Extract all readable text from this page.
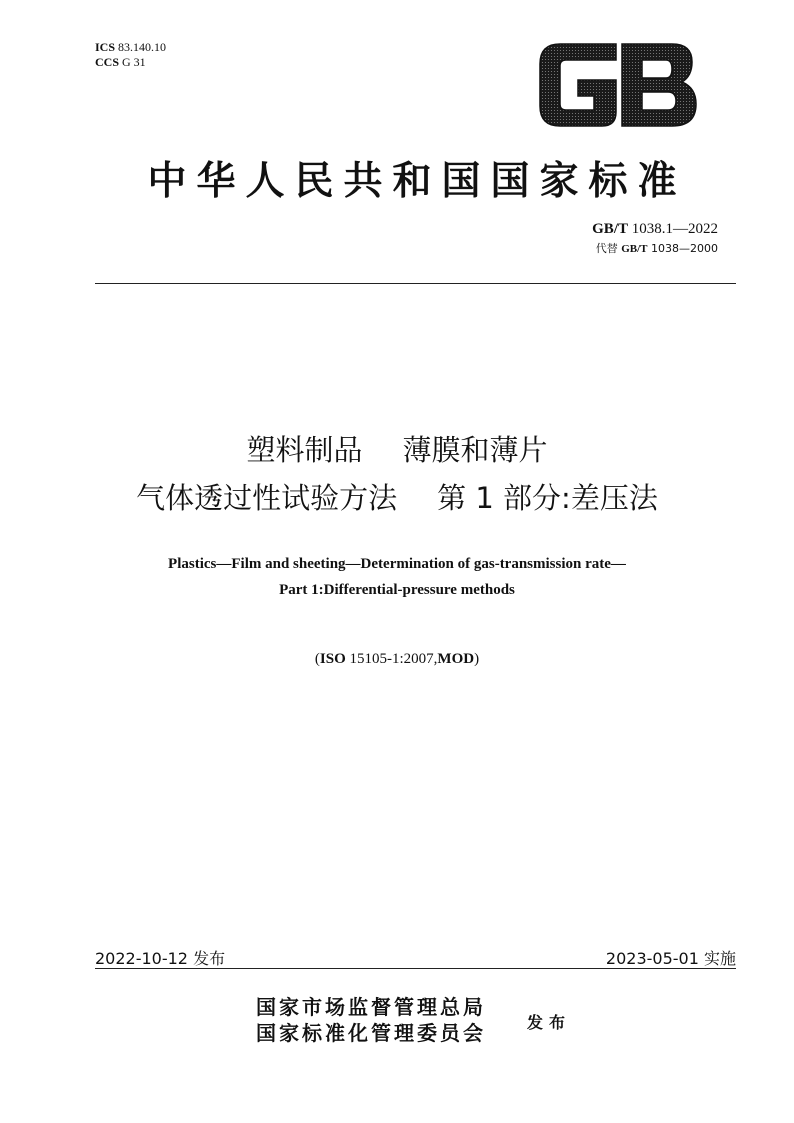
ICS 83.140.10
CCS G 31
GB
中华人民共和国国家标准
GB/T 1038.1—2022
代替 GB/T 1038—2000
塑料制品 薄膜和薄片
气体透过性试验方法 第 1 部分:差压法
Plastics—Film and sheeting—Determination of gas-transmission rate—
Part 1:Differential-pressure methods
(ISO 15105-1:2007,MOD)
2022-10-12 发布	2023-05-01 实施
国家市场监督管理总局
国家标准化管理委员会	发布
